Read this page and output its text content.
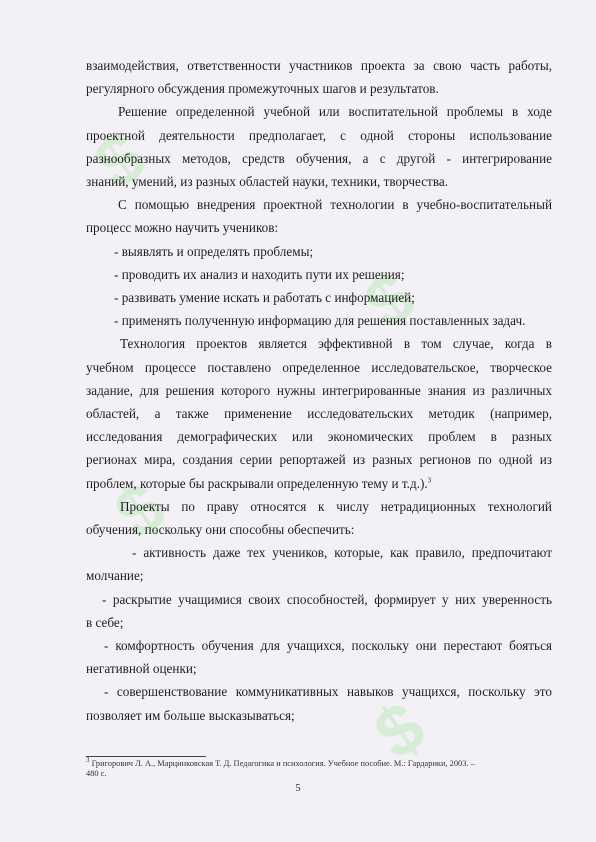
$
$
$
$
взаимодействия, ответственности участников проекта за свою часть работы,
регулярного обсуждения промежуточных шагов и результатов.
Решение определенной учебной или воспитательной проблемы в ходе
проектной деятельности предполагает, с одной стороны использование
разнообразных методов, средств обучения, а с другой - интегрирование
знаний, умений, из разных областей науки, техники, творчества.
С помощью внедрения проектной технологии в учебно-воспитательный
процесс можно научить учеников:
- выявлять и определять проблемы;
- проводить их анализ и находить пути их решения;
- развивать умение искать и работать с информацией;
- применять полученную информацию для решения поставленных задач.
Технология проектов является эффективной в том случае, когда в
учебном процессе поставлено определенное исследовательское, творческое
задание, для решения которого нужны интегрированные знания из различных
областей, а также применение исследовательских методик (например,
исследования демографических или экономических проблем в разных
регионах мира, создания серии репортажей из разных регионов по одной из
проблем, которые бы раскрывали определенную тему и т.д.).$^3$
Проекты по праву относятся к числу нетрадиционных технологий
обучения, поскольку они способны обеспечить:
- активность даже тех учеников, которые, как правило, предпочитают
молчание;
- раскрытие учащимися своих способностей, формирует у них уверенность
в себе;
- комфортность обучения для учащихся, поскольку они перестают бояться
негативной оценки;
- совершенствование коммуникативных навыков учащихся, поскольку это
позволяет им больше высказываться;
$^3$ Григорович Л. А., Марцинковская Т. Д. Педагогика и психология. Учебное пособие. М.: Гардарики, 2003. –
480 с.
5
